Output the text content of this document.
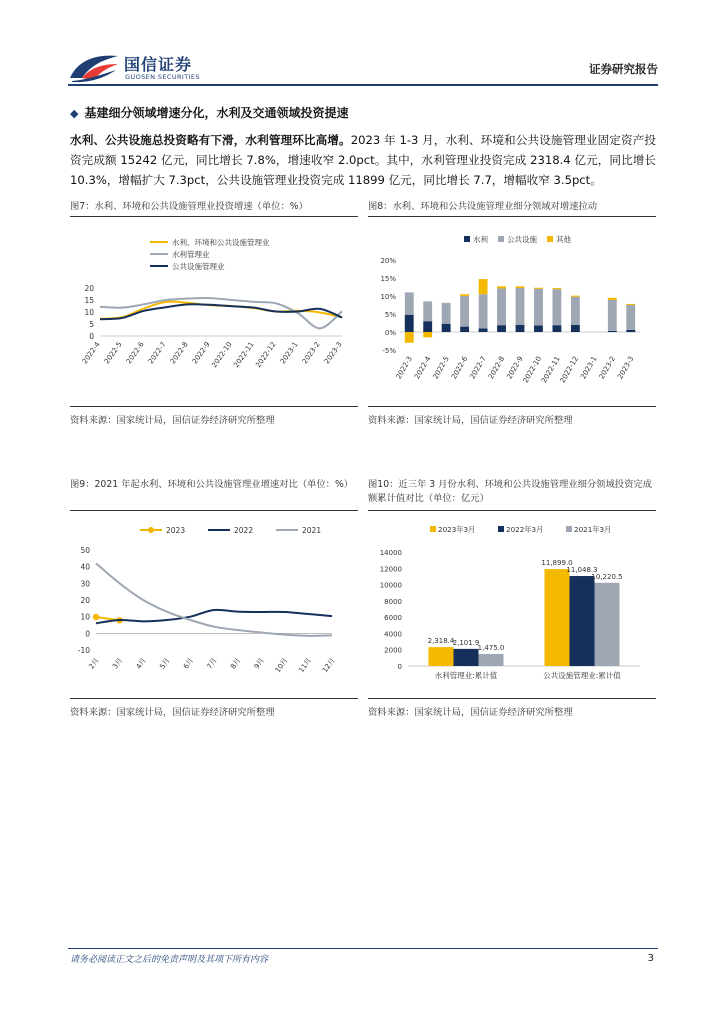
国信证券
GUOSEN SECURITIES
证券研究报告
◆ 基建细分领域增速分化，水利及交通领域投资提速
水利、公共设施总投资略有下滑，水利管理环比高增。2023 年 1-3 月，水利、环境和公共设施管理业固定资产投资完成额 15242 亿元，同比增长 7.8%，增速收窄 2.0pct。其中，水利管理业投资完成 2318.4 亿元，同比增长 10.3%，增幅扩大 7.3pct，公共设施管理业投资完成 11899 亿元，同比增长 7.7，增幅收窄 3.5pct。
图7：水利、环境和公共设施管理业投资增速（单位：%）
水利、环境和公共设施管理业
水利管理业
公共设施管理业
0
5
10
15
20
2022-4 2022-5 2022-6 2022-7 2022-8 2022-9
2022-10
2022-11
2022-12 2023-1 2023-2 2023-3
资料来源：国家统计局，国信证券经济研究所整理
图8：水利、环境和公共设施管理业细分领域对增速拉动
水利	公共设施	其他
-5%
0%
5%
10%
15%
20%
2022-3 2022-4 2022-5 2022-6 2022-7 2022-8 2022-9
2022-10
2022-11
2022-12 2023-1 2023-2 2023-3
资料来源：国家统计局，国信证券经济研究所整理
图9：2021 年起水利、环境和公共设施管理业增速对比（单位：%）
2023	2022	2021
-10
0
10
20
30
40
50
2月 3月 4月 5月 6月 7月 8月 9月 10月 11月 12月
资料来源：国家统计局，国信证券经济研究所整理
图10：近三年 3 月份水利、环境和公共设施管理业细分领域投资完成额累计值对比（单位：亿元）
2023年3月	2022年3月	2021年3月
0
2000
4000
6000
8000
10000
12000
14000
2,318.4
2,101.9
1,475.0
水利管理业:累计值
11,899.0
11,048.3
10,220.5
公共设施管理业:累计值
资料来源：国家统计局，国信证券经济研究所整理
请务必阅读正文之后的免责声明及其项下所有内容	3
